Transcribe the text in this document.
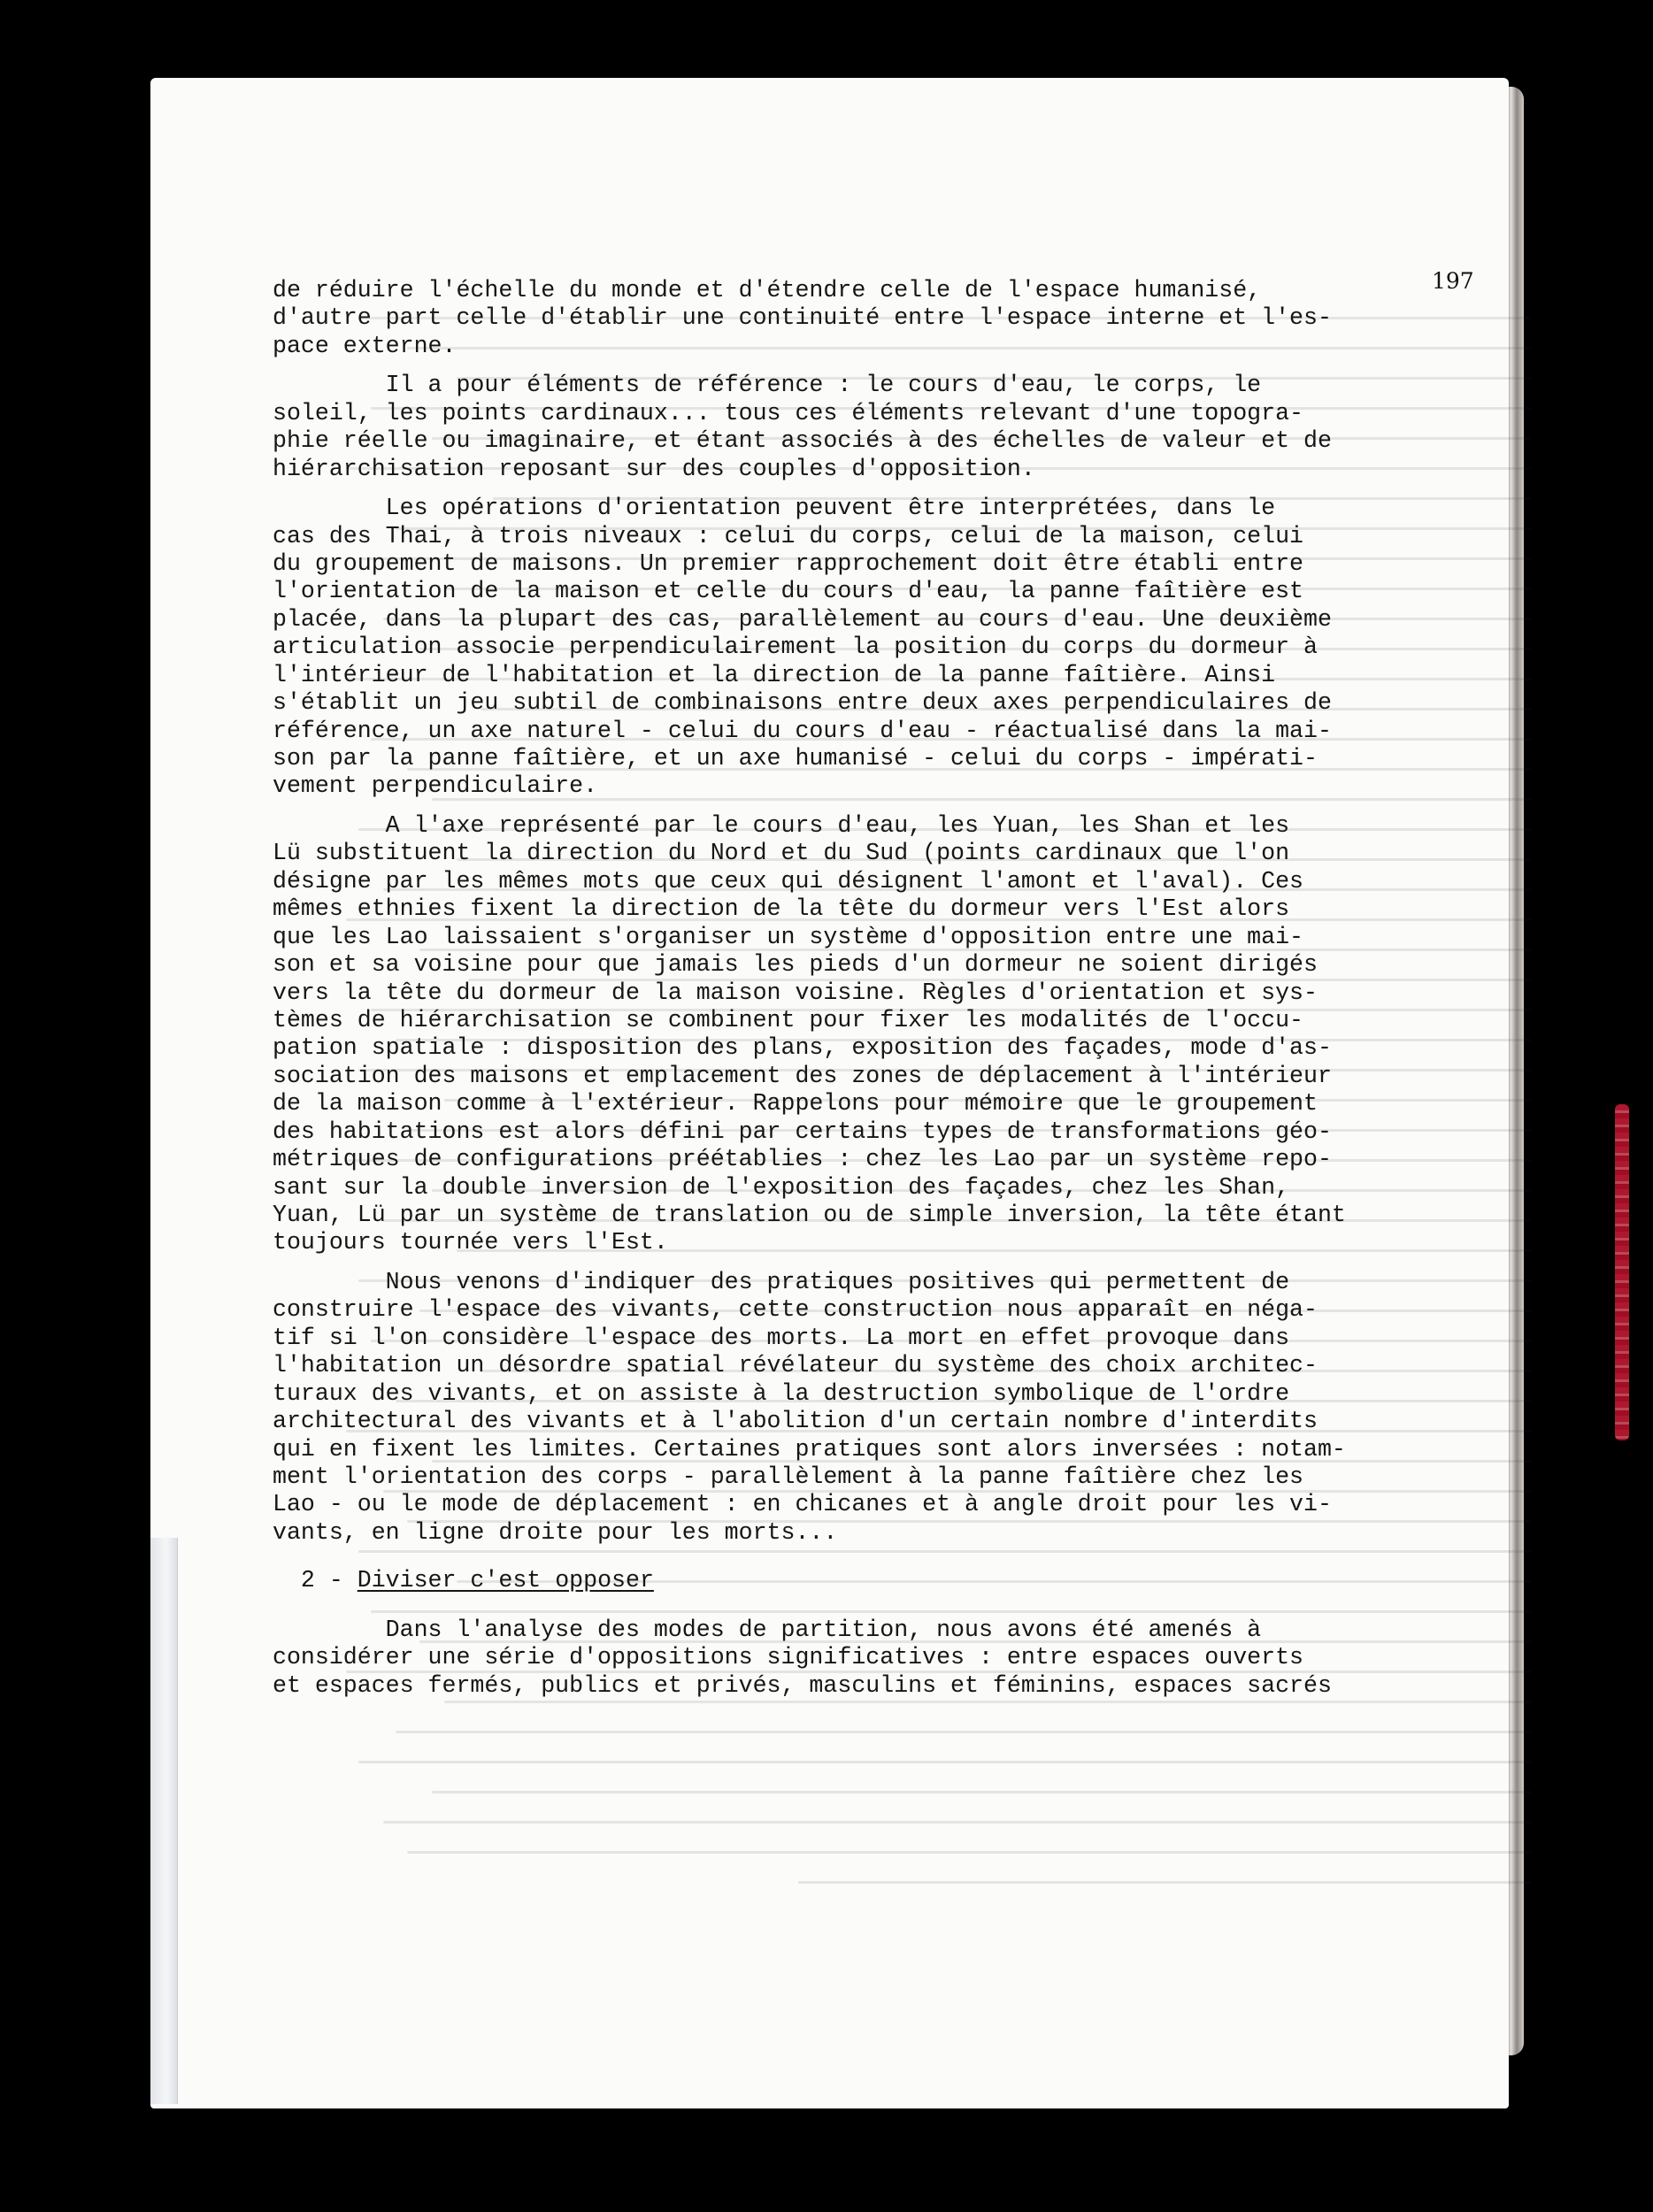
197
de réduire l'échelle du monde et d'étendre celle de l'espace humanisé,
d'autre part celle d'établir une continuité entre l'espace interne et l'es-
pace externe.
Il a pour éléments de référence : le cours d'eau, le corps, le
soleil, les points cardinaux... tous ces éléments relevant d'une topogra-
phie réelle ou imaginaire, et étant associés à des échelles de valeur et de
hiérarchisation reposant sur des couples d'opposition.
Les opérations d'orientation peuvent être interprétées, dans le
cas des Thai, à trois niveaux : celui du corps, celui de la maison, celui
du groupement de maisons. Un premier rapprochement doit être établi entre
l'orientation de la maison et celle du cours d'eau, la panne faîtière est
placée, dans la plupart des cas, parallèlement au cours d'eau. Une deuxième
articulation associe perpendiculairement la position du corps du dormeur à
l'intérieur de l'habitation et la direction de la panne faîtière. Ainsi
s'établit un jeu subtil de combinaisons entre deux axes perpendiculaires de
référence, un axe naturel - celui du cours d'eau - réactualisé dans la mai-
son par la panne faîtière, et un axe humanisé - celui du corps - impérati-
vement perpendiculaire.
A l'axe représenté par le cours d'eau, les Yuan, les Shan et les
Lü substituent la direction du Nord et du Sud (points cardinaux que l'on
désigne par les mêmes mots que ceux qui désignent l'amont et l'aval). Ces
mêmes ethnies fixent la direction de la tête du dormeur vers l'Est alors
que les Lao laissaient s'organiser un système d'opposition entre une mai-
son et sa voisine pour que jamais les pieds d'un dormeur ne soient dirigés
vers la tête du dormeur de la maison voisine. Règles d'orientation et sys-
tèmes de hiérarchisation se combinent pour fixer les modalités de l'occu-
pation spatiale : disposition des plans, exposition des façades, mode d'as-
sociation des maisons et emplacement des zones de déplacement à l'intérieur
de la maison comme à l'extérieur. Rappelons pour mémoire que le groupement
des habitations est alors défini par certains types de transformations géo-
métriques de configurations préétablies : chez les Lao par un système repo-
sant sur la double inversion de l'exposition des façades, chez les Shan,
Yuan, Lü par un système de translation ou de simple inversion, la tête étant
toujours tournée vers l'Est.
Nous venons d'indiquer des pratiques positives qui permettent de
construire l'espace des vivants, cette construction nous apparaît en néga-
tif si l'on considère l'espace des morts. La mort en effet provoque dans
l'habitation un désordre spatial révélateur du système des choix architec-
turaux des vivants, et on assiste à la destruction symbolique de l'ordre
architectural des vivants et à l'abolition d'un certain nombre d'interdits
qui en fixent les limites. Certaines pratiques sont alors inversées : notam-
ment l'orientation des corps - parallèlement à la panne faîtière chez les
Lao - ou le mode de déplacement : en chicanes et à angle droit pour les vi-
vants, en ligne droite pour les morts...
2 - Diviser c'est opposer
Dans l'analyse des modes de partition, nous avons été amenés à
considérer une série d'oppositions significatives : entre espaces ouverts
et espaces fermés, publics et privés, masculins et féminins, espaces sacrés
